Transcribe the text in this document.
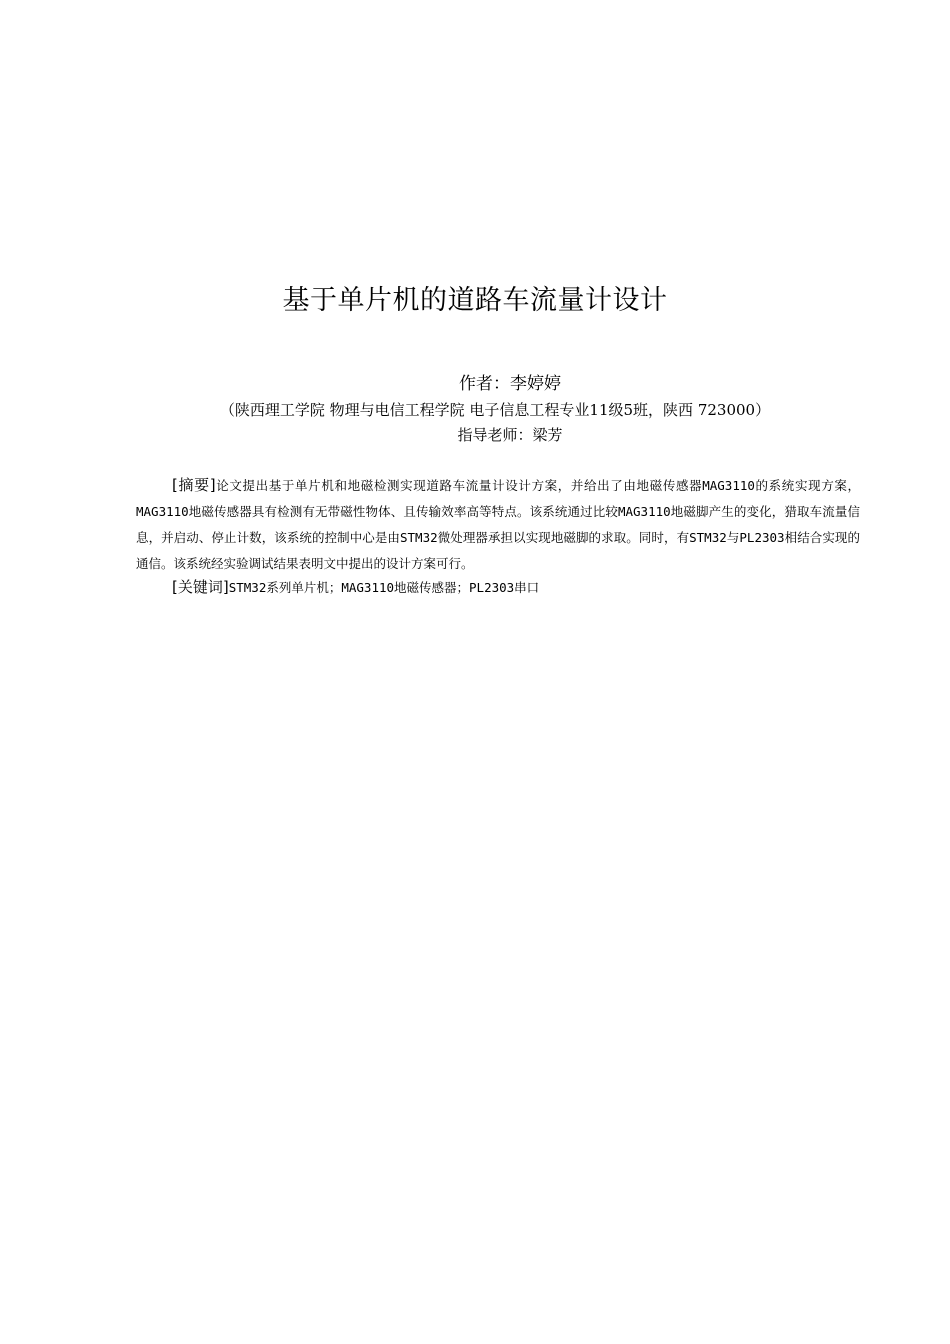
基于单片机的道路车流量计设计
作者：李婷婷
（陕西理工学院 物理与电信工程学院 电子信息工程专业11级5班，陕西 723000）
指导老师：梁芳
[摘要]论文提出基于单片机和地磁检测实现道路车流量计设计方案，并给出了由地磁传感器MAG3110的系统实现方案，MAG3110地磁传感器具有检测有无带磁性物体、且传输效率高等特点。该系统通过比较MAG3110地磁脚产生的变化，猎取车流量信息，并启动、停止计数，该系统的控制中心是由STM32微处理器承担以实现地磁脚的求取。同时，有STM32与PL2303相结合实现的通信。该系统经实验调试结果表明文中提出的设计方案可行。
[关键词]STM32系列单片机；MAG3110地磁传感器；PL2303串口
